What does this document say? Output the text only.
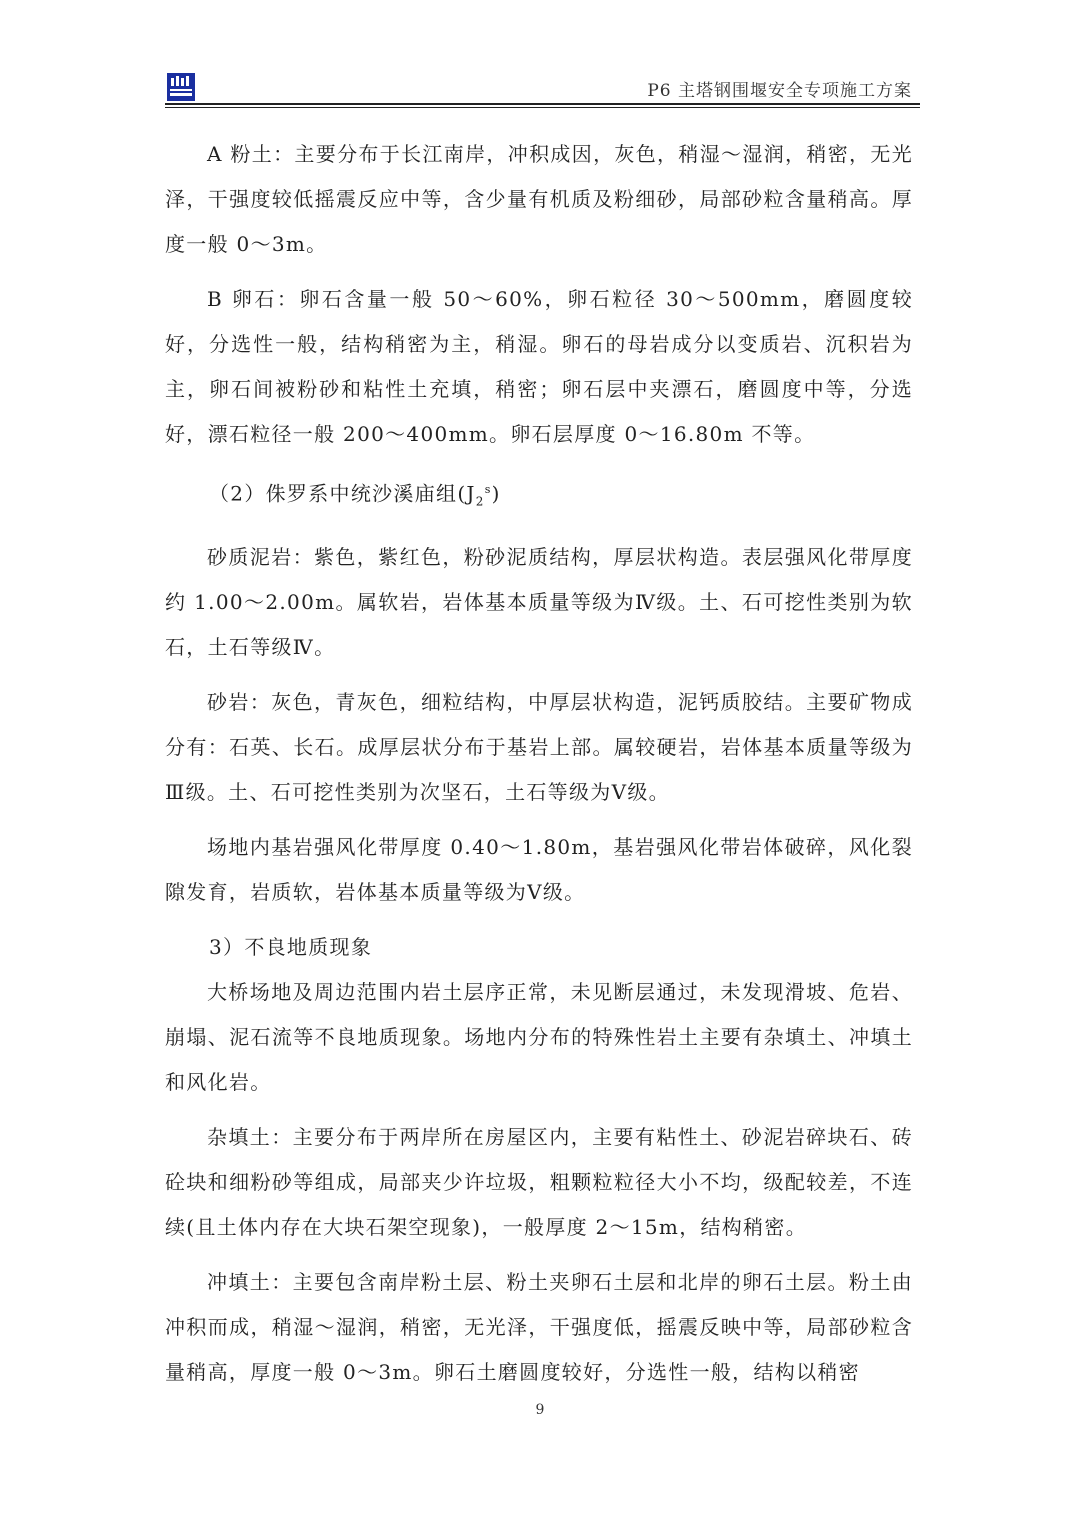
P6 主塔钢围堰安全专项施工方案

A 粉土：主要分布于长江南岸，冲积成因，灰色，稍湿～湿润，稍密，无光泽，干强度较低摇震反应中等，含少量有机质及粉细砂，局部砂粒含量稍高。厚度一般 0～3m。

B 卵石：卵石含量一般 50～60%，卵石粒径 30～500mm，磨圆度较好，分选性一般，结构稍密为主，稍湿。卵石的母岩成分以变质岩、沉积岩为主，卵石间被粉砂和粘性土充填，稍密；卵石层中夹漂石，磨圆度中等，分选好，漂石粒径一般 200～400mm。卵石层厚度 0～16.80m 不等。

（2）侏罗系中统沙溪庙组$(J_2^s)$

砂质泥岩：紫色，紫红色，粉砂泥质结构，厚层状构造。表层强风化带厚度约 1.00～2.00m。属软岩，岩体基本质量等级为Ⅳ级。土、石可挖性类别为软石，土石等级Ⅳ。

砂岩：灰色，青灰色，细粒结构，中厚层状构造，泥钙质胶结。主要矿物成分有：石英、长石。成厚层状分布于基岩上部。属较硬岩，岩体基本质量等级为Ⅲ级。土、石可挖性类别为次坚石，土石等级为Ⅴ级。

场地内基岩强风化带厚度 0.40～1.80m，基岩强风化带岩体破碎，风化裂隙发育，岩质软，岩体基本质量等级为Ⅴ级。

3）不良地质现象

大桥场地及周边范围内岩土层序正常，未见断层通过，未发现滑坡、危岩、崩塌、泥石流等不良地质现象。场地内分布的特殊性岩土主要有杂填土、冲填土和风化岩。

杂填土：主要分布于两岸所在房屋区内，主要有粘性土、砂泥岩碎块石、砖砼块和细粉砂等组成，局部夹少许垃圾，粗颗粒粒径大小不均，级配较差，不连续(且土体内存在大块石架空现象)，一般厚度 2～15m，结构稍密。

冲填土：主要包含南岸粉土层、粉土夹卵石土层和北岸的卵石土层。粉土由冲积而成，稍湿～湿润，稍密，无光泽，干强度低，摇震反映中等，局部砂粒含量稍高，厚度一般 0～3m。卵石土磨圆度较好，分选性一般，结构以稍密

9
